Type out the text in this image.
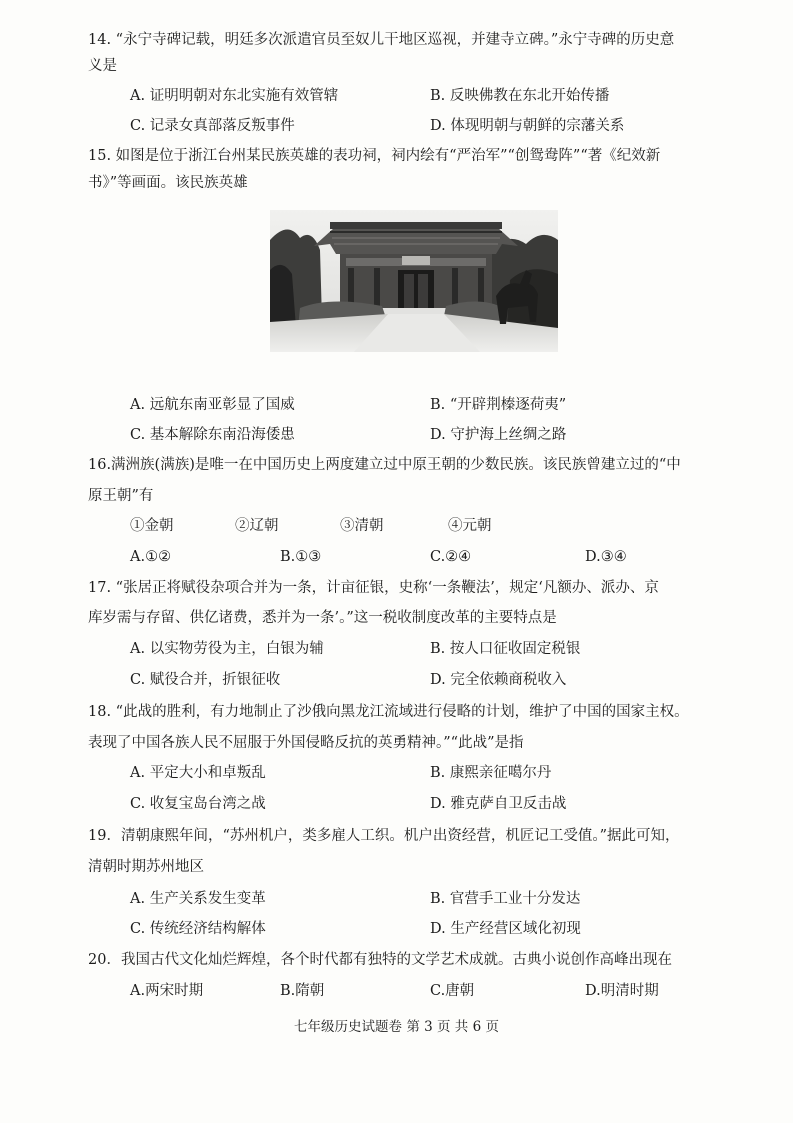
14. “永宁寺碑记载，明廷多次派遣官员至奴儿干地区巡视，并建寺立碑。”永宁寺碑的历史意
义是
A. 证明明朝对东北实施有效管辖	B. 反映佛教在东北开始传播
C. 记录女真部落反叛事件	D. 体现明朝与朝鲜的宗藩关系
15. 如图是位于浙江台州某民族英雄的表功祠，祠内绘有“严治军”“创鸳鸯阵”“著《纪效新
书》”等画面。该民族英雄
A. 远航东南亚彰显了国威	B. “开辟荆榛逐荷夷”
C. 基本解除东南沿海倭患	D. 守护海上丝绸之路
16.满洲族(满族)是唯一在中国历史上两度建立过中原王朝的少数民族。该民族曾建立过的“中
原王朝”有
①金朝	②辽朝	③清朝	④元朝
A.①②	B.①③	C.②④	D.③④
17. “张居正将赋役杂项合并为一条，计亩征银，史称‘一条鞭法’，规定‘凡额办、派办、京
库岁需与存留、供亿诸费，悉并为一条’。”这一税收制度改革的主要特点是
A. 以实物劳役为主，白银为辅	B. 按人口征收固定税银
C. 赋役合并，折银征收	D. 完全依赖商税收入
18. “此战的胜利，有力地制止了沙俄向黑龙江流域进行侵略的计划，维护了中国的国家主权。
表现了中国各族人民不屈服于外国侵略反抗的英勇精神。”“此战”是指
A. 平定大小和卓叛乱	B. 康熙亲征噶尔丹
C. 收复宝岛台湾之战	D. 雅克萨自卫反击战
19．清朝康熙年间，“苏州机户，类多雇人工织。机户出资经营，机匠记工受值。”据此可知，
清朝时期苏州地区
A. 生产关系发生变革	B. 官营手工业十分发达
C. 传统经济结构解体	D. 生产经营区域化初现
20．我国古代文化灿烂辉煌，各个时代都有独特的文学艺术成就。古典小说创作高峰出现在
A.两宋时期	B.隋朝	C.唐朝	D.明清时期
七年级历史试题卷 第 3 页 共 6 页
